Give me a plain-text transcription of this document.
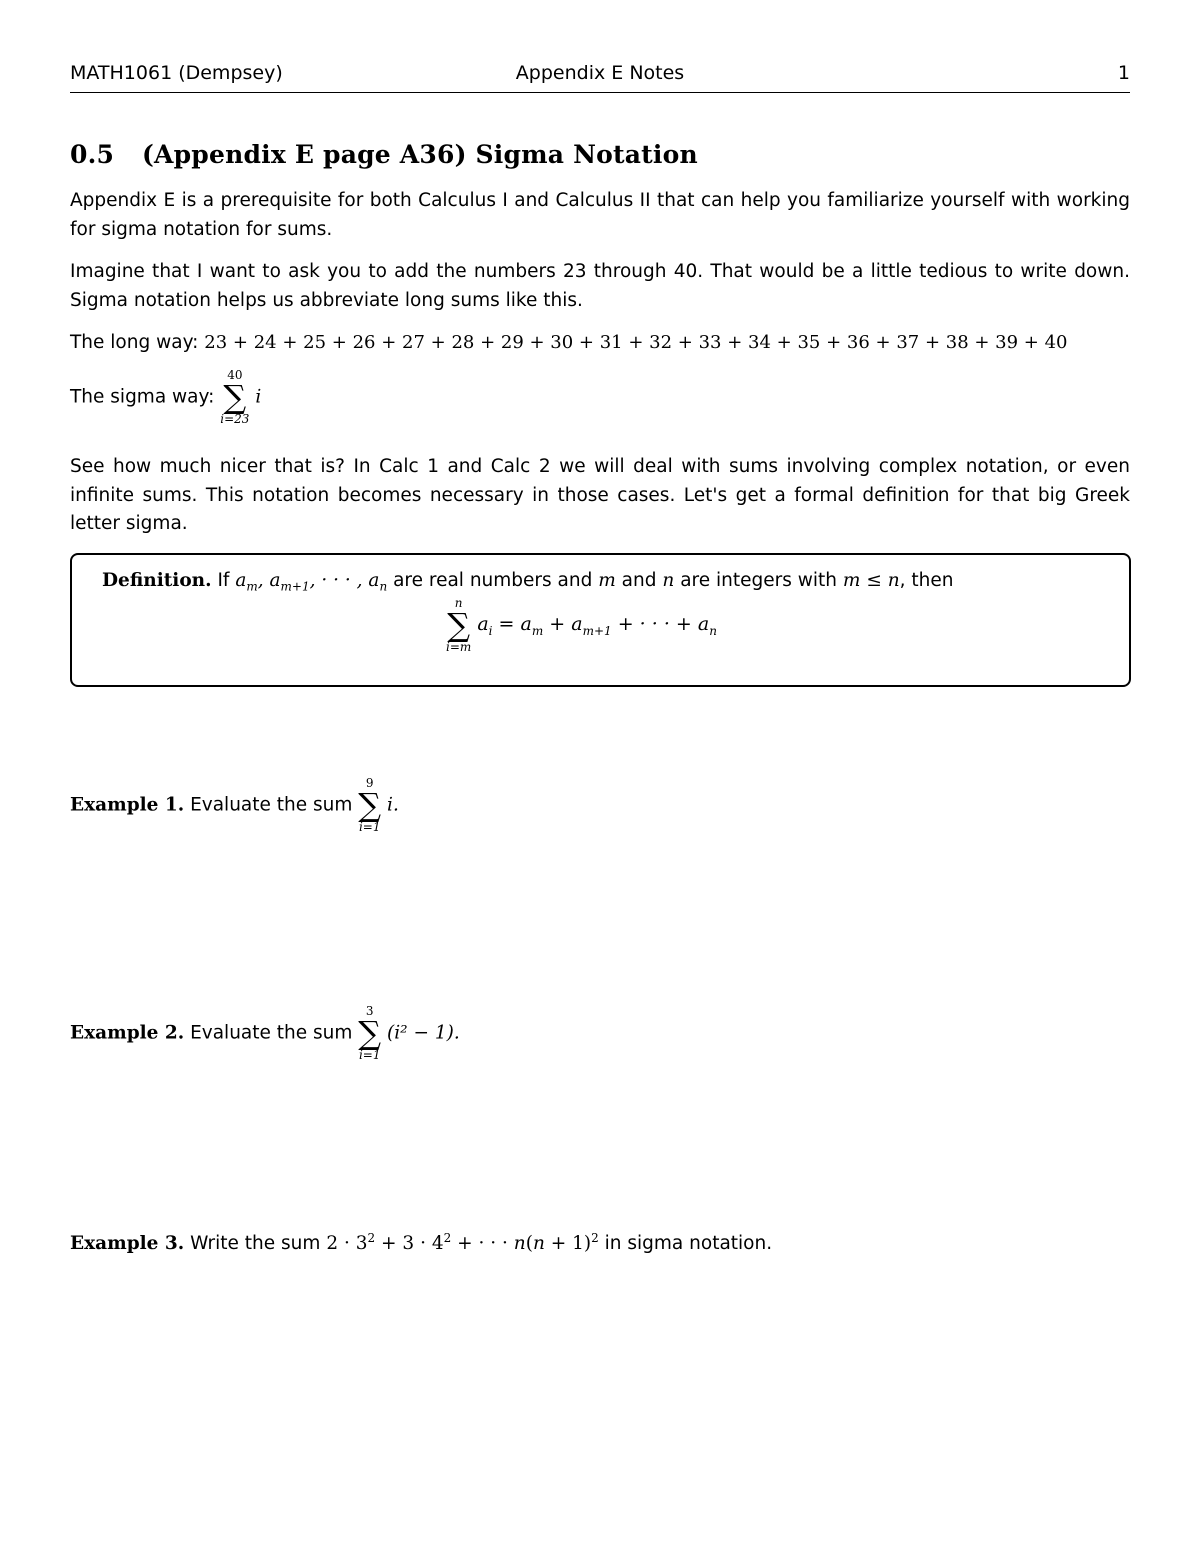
MATH1061 (Dempsey)	Appendix E Notes	1
0.5 (Appendix E page A36) Sigma Notation
Appendix E is a prerequisite for both Calculus I and Calculus II that can help you familiarize yourself with working for sigma notation for sums.
Imagine that I want to ask you to add the numbers 23 through 40. That would be a little tedious to write down. Sigma notation helps us abbreviate long sums like this.
The long way: 23 + 24 + 25 + 26 + 27 + 28 + 29 + 30 + 31 + 32 + 33 + 34 + 35 + 36 + 37 + 38 + 39 + 40
The sigma way:
40
∑
i=23
i
See how much nicer that is? In Calc 1 and Calc 2 we will deal with sums involving complex notation, or even infinite sums. This notation becomes necessary in those cases. Let's get a formal definition for that big Greek letter sigma.
Definition. If $a_m$, $a_{m+1}$, · · · , $a_n$ are real numbers and m and n are integers with m ≤ n, then
n
∑
i=m
$a_i = a_m + a_{m+1}$ + · · · + $a_n$
Example 1. Evaluate the sum
9
∑
i=1
i.
Example 2. Evaluate the sum
3
∑
i=1
(i² − 1).
Example 3. Write the sum $2 \cdot 3^2 + 3 \cdot 4^2$ + · · · $n(n + 1)^2$ in sigma notation.
